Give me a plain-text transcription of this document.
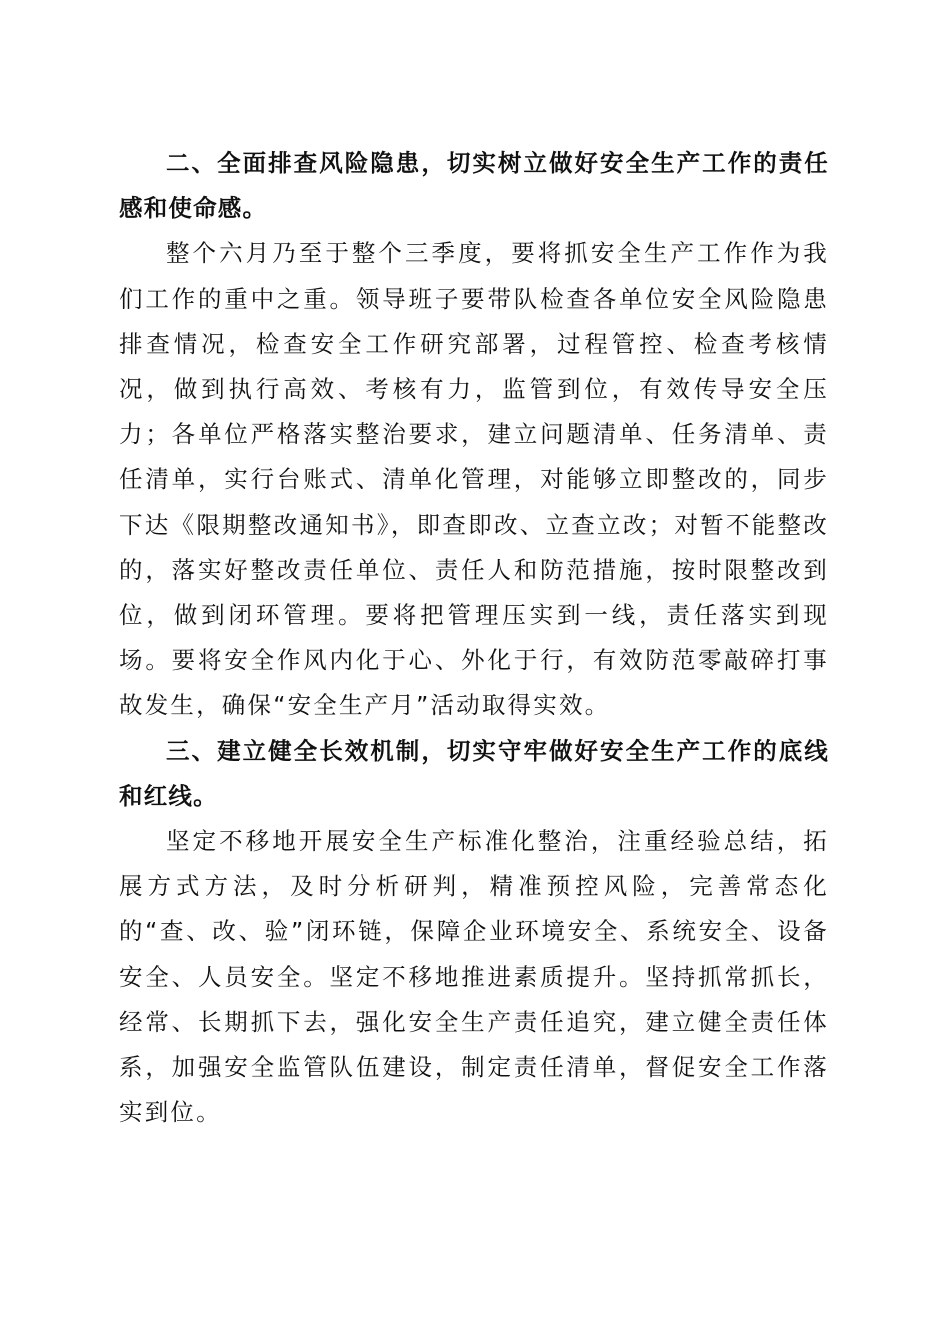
二、全面排查风险隐患，切实树立做好安全生产工作的责任感和使命感。

整个六月乃至于整个三季度，要将抓安全生产工作作为我们工作的重中之重。领导班子要带队检查各单位安全风险隐患排查情况，检查安全工作研究部署，过程管控、检查考核情况，做到执行高效、考核有力，监管到位，有效传导安全压力；各单位严格落实整治要求，建立问题清单、任务清单、责任清单，实行台账式、清单化管理，对能够立即整改的，同步下达《限期整改通知书》，即查即改、立查立改；对暂不能整改的，落实好整改责任单位、责任人和防范措施，按时限整改到位，做到闭环管理。要将把管理压实到一线，责任落实到现场。要将安全作风内化于心、外化于行，有效防范零敲碎打事故发生，确保“安全生产月”活动取得实效。

三、建立健全长效机制，切实守牢做好安全生产工作的底线和红线。

坚定不移地开展安全生产标准化整治，注重经验总结，拓展方式方法，及时分析研判，精准预控风险，完善常态化的“查、改、验”闭环链，保障企业环境安全、系统安全、设备安全、人员安全。坚定不移地推进素质提升。坚持抓常抓长，经常、长期抓下去，强化安全生产责任追究，建立健全责任体系，加强安全监管队伍建设，制定责任清单，督促安全工作落实到位。
